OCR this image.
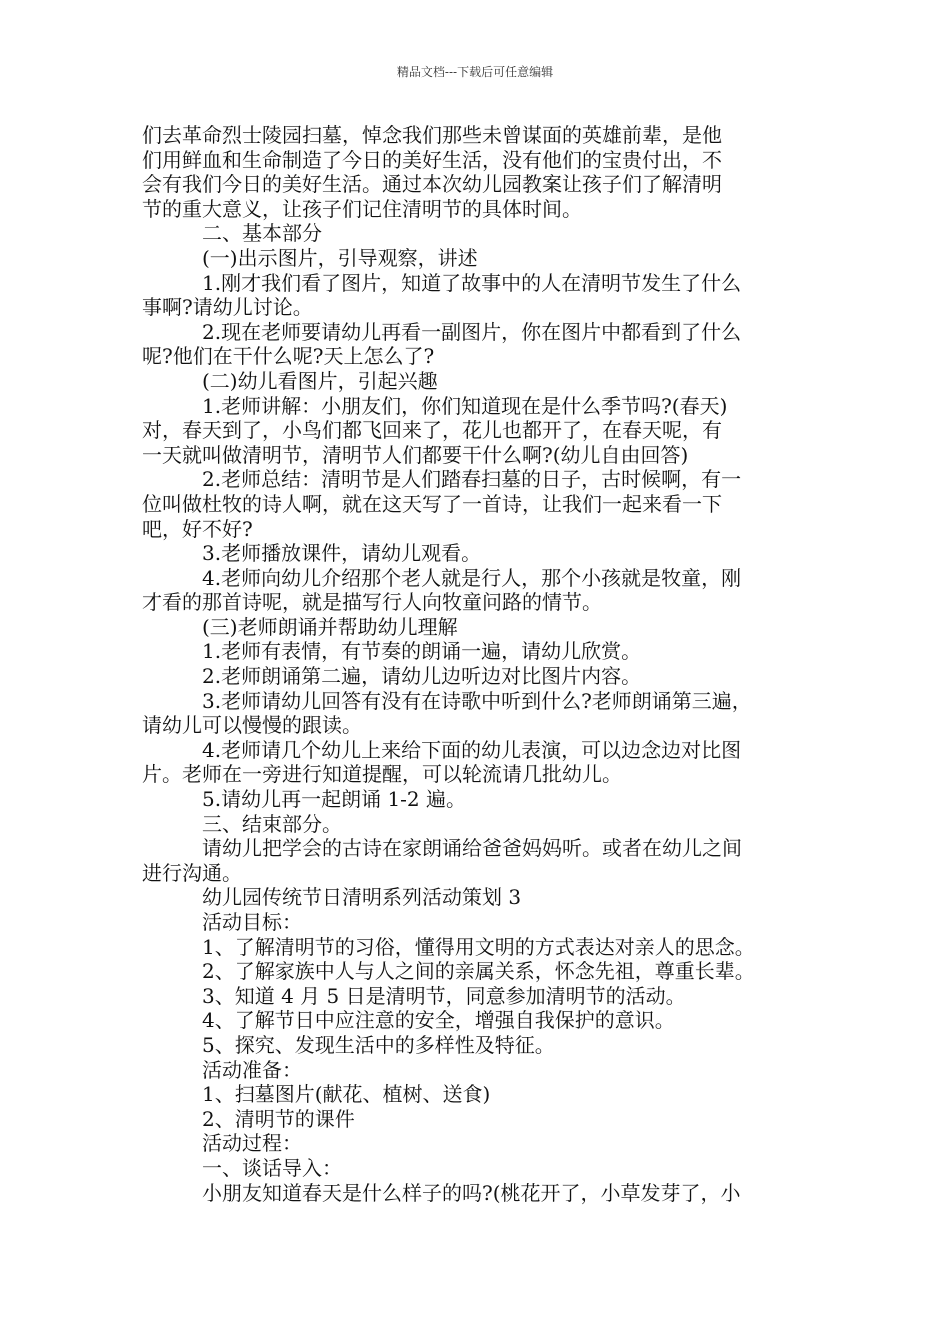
精品文档---下载后可任意编辑
们去革命烈士陵园扫墓，悼念我们那些未曾谋面的英雄前辈，是他
们用鲜血和生命制造了今日的美好生活，没有他们的宝贵付出，不
会有我们今日的美好生活。通过本次幼儿园教案让孩子们了解清明
节的重大意义，让孩子们记住清明节的具体时间。
二、基本部分
(一)出示图片，引导观察，讲述
1.刚才我们看了图片，知道了故事中的人在清明节发生了什么
事啊?请幼儿讨论。
2.现在老师要请幼儿再看一副图片，你在图片中都看到了什么
呢?他们在干什么呢?天上怎么了?
(二)幼儿看图片，引起兴趣
1.老师讲解：小朋友们，你们知道现在是什么季节吗?(春天)
对，春天到了，小鸟们都飞回来了，花儿也都开了，在春天呢，有
一天就叫做清明节，清明节人们都要干什么啊?(幼儿自由回答)
2.老师总结：清明节是人们踏春扫墓的日子，古时候啊，有一
位叫做杜牧的诗人啊，就在这天写了一首诗，让我们一起来看一下
吧，好不好?
3.老师播放课件，请幼儿观看。
4.老师向幼儿介绍那个老人就是行人，那个小孩就是牧童，刚
才看的那首诗呢，就是描写行人向牧童问路的情节。
(三)老师朗诵并帮助幼儿理解
1.老师有表情，有节奏的朗诵一遍，请幼儿欣赏。
2.老师朗诵第二遍，请幼儿边听边对比图片内容。
3.老师请幼儿回答有没有在诗歌中听到什么?老师朗诵第三遍，
请幼儿可以慢慢的跟读。
4.老师请几个幼儿上来给下面的幼儿表演，可以边念边对比图
片。老师在一旁进行知道提醒，可以轮流请几批幼儿。
5.请幼儿再一起朗诵 1-2 遍。
三、结束部分。
请幼儿把学会的古诗在家朗诵给爸爸妈妈听。或者在幼儿之间
进行沟通。
幼儿园传统节日清明系列活动策划 3
活动目标：
1、了解清明节的习俗，懂得用文明的方式表达对亲人的思念。
2、了解家族中人与人之间的亲属关系，怀念先祖，尊重长辈。
3、知道 4 月 5 日是清明节，同意参加清明节的活动。
4、了解节日中应注意的安全，增强自我保护的意识。
5、探究、发现生活中的多样性及特征。
活动准备：
1、扫墓图片(献花、植树、送食)
2、清明节的课件
活动过程：
一、谈话导入：
小朋友知道春天是什么样子的吗?(桃花开了，小草发芽了，小
